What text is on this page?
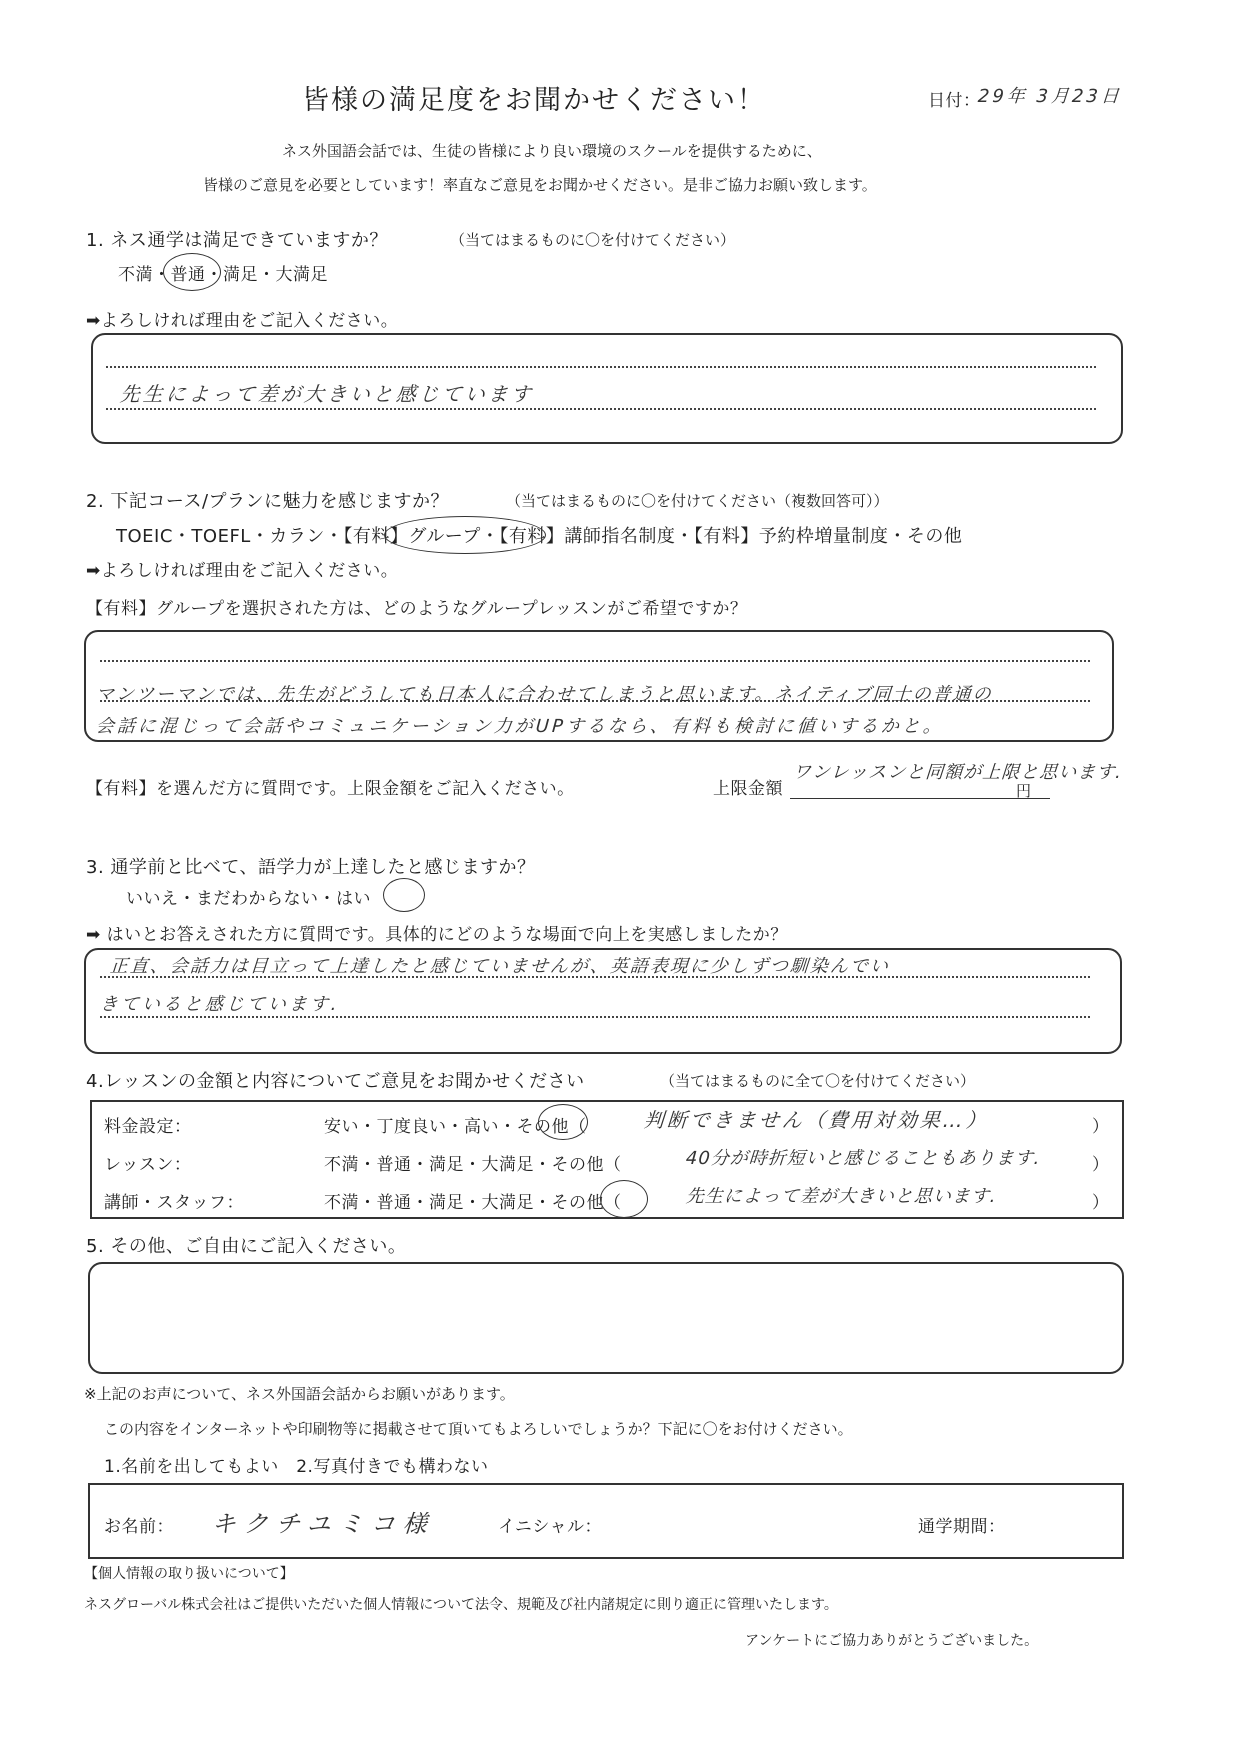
皆様の満足度をお聞かせください！	日付：
29年 3月23日
ネス外国語会話では、生徒の皆様により良い環境のスクールを提供するために、
皆様のご意見を必要としています！率直なご意見をお聞かせください。是非ご協力お願い致します。
1. ネス通学は満足できていますか？	（当てはまるものに〇を付けてください）
不満・普通・満足・大満足
➡よろしければ理由をご記入ください。
先生によって差が大きいと感じています
2. 下記コース/プランに魅力を感じますか？	（当てはまるものに〇を付けてください（複数回答可））
TOEIC・TOEFL・カラン・【有料】グループ・【有料】講師指名制度・【有料】予約枠増量制度・その他
➡よろしければ理由をご記入ください。
【有料】グループを選択された方は、どのようなグループレッスンがご希望ですか？
マンツーマンでは、先生がどうしても日本人に合わせてしまうと思います。ネイティブ同士の普通の
会話に混じって会話やコミュニケーション力がUPするなら、有料も検討に値いするかと。
【有料】を選んだ方に質問です。上限金額をご記入ください。	上限金額
ワンレッスンと同額が上限と思います.
円
3. 通学前と比べて、語学力が上達したと感じますか？
いいえ・まだわからない・はい
➡ はいとお答えされた方に質問です。具体的にどのような場面で向上を実感しましたか？
正直、会話力は目立って上達したと感じていませんが、英語表現に少しずつ馴染んでい
きていると感じています.
4.レッスンの金額と内容についてご意見をお聞かせください	（当てはまるものに全て〇を付けてください）
料金設定：	安い・丁度良い・高い・その他（	判断できません（費用対効果…）	）
レッスン：	不満・普通・満足・大満足・その他（	40分が時折短いと感じることもあります.	）
講師・スタッフ：	不満・普通・満足・大満足・その他（	先生によって差が大きいと思います.	）
5. その他、ご自由にご記入ください。
※上記のお声について、ネス外国語会話からお願いがあります。
この内容をインターネットや印刷物等に掲載させて頂いてもよろしいでしょうか？下記に〇をお付けください。
1.名前を出してもよい　2.写真付きでも構わない
お名前： キクチユミコ様	イニシャル：	通学期間：
【個人情報の取り扱いについて】
ネスグローバル株式会社はご提供いただいた個人情報について法令、規範及び社内諸規定に則り適正に管理いたします。
アンケートにご協力ありがとうございました。
